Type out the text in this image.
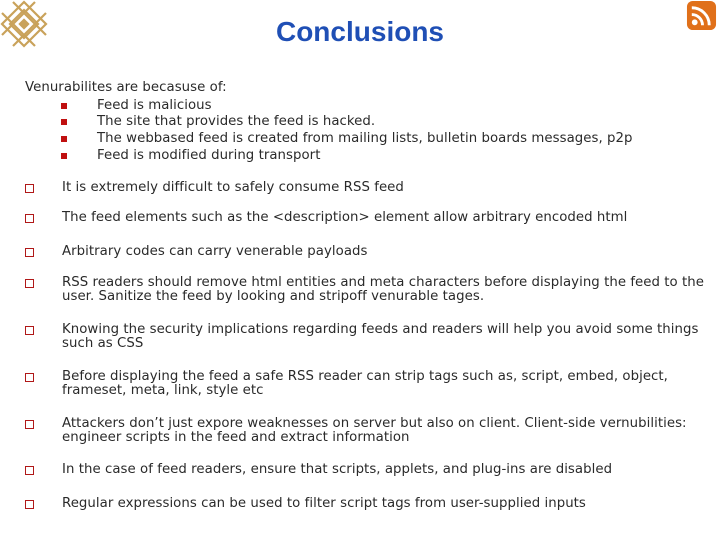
Conclusions

Venurabilites are becasuse of:

Feed is malicious
The site that provides the feed is hacked.
The webbased feed is created from mailing lists, bulletin boards messages, p2p
Feed is modified during transport
It is extremely difficult to safely consume RSS feed
The feed elements such as the <description> element allow arbitrary encoded html
Arbitrary codes can carry venerable payloads
RSS readers should remove html entities and meta characters before displaying the feed to the user. Sanitize the feed by looking and stripoff venurable tages.
Knowing the security implications regarding feeds and readers will help you avoid some things such as CSS
Before displaying the feed a safe RSS reader can strip tags such as, script, embed, object, frameset, meta, link, style etc
Attackers don’t just expore weaknesses on server but also on client. Client-side vernubilities: engineer scripts in the feed and extract information
In the case of feed readers, ensure that scripts, applets, and plug-ins are disabled
Regular expressions can be used to filter script tags from user-supplied inputs
